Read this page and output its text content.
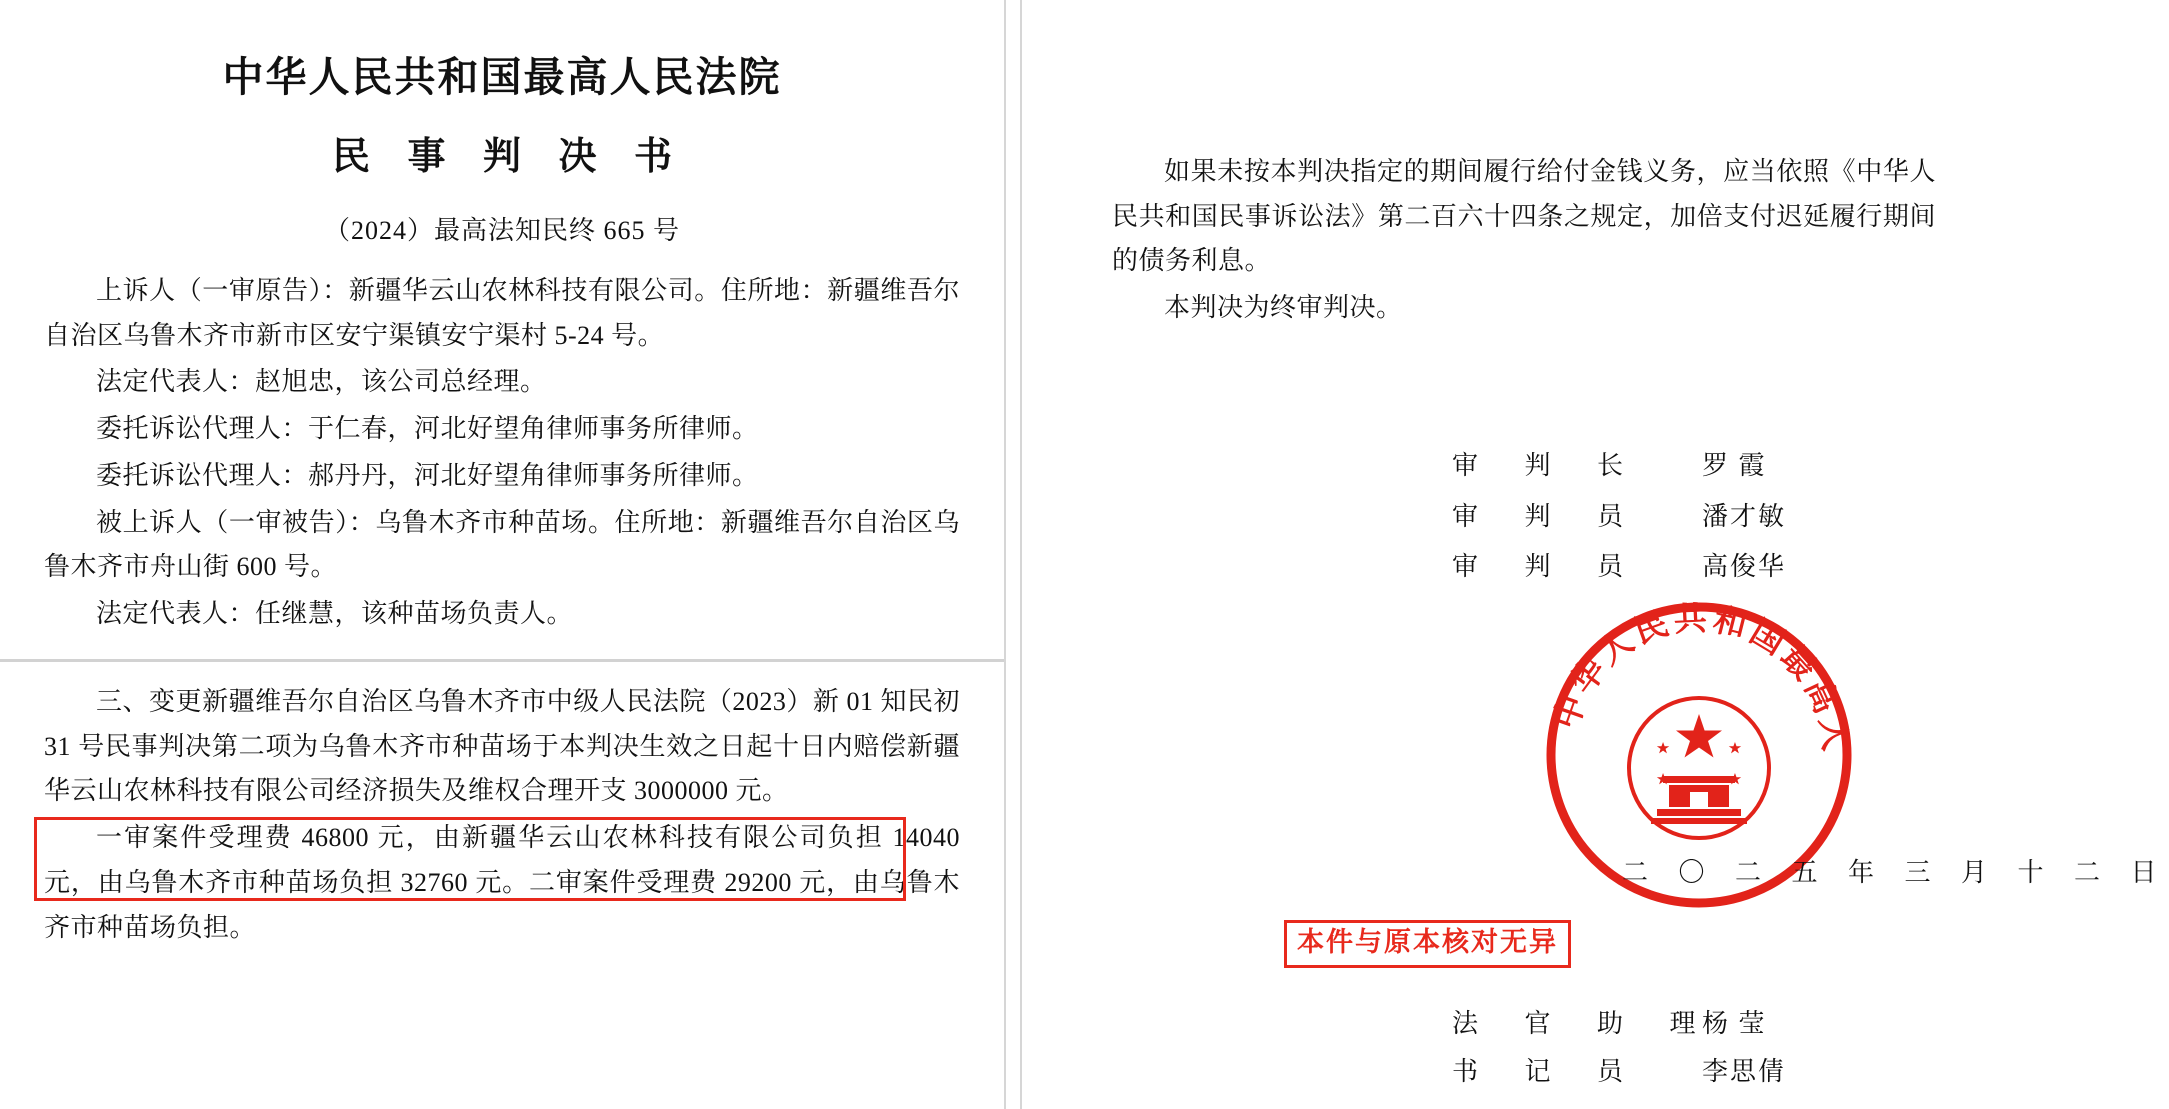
中华人民共和国最高人民法院
民 事 判 决 书
（2024）最高法知民终 665 号

上诉人（一审原告）：新疆华云山农林科技有限公司。住所地：新疆维吾尔自治区乌鲁木齐市新市区安宁渠镇安宁渠村 5-24 号。

法定代表人：赵旭忠，该公司总经理。

委托诉讼代理人：于仁春，河北好望角律师事务所律师。

委托诉讼代理人：郝丹丹，河北好望角律师事务所律师。

被上诉人（一审被告）：乌鲁木齐市种苗场。住所地：新疆维吾尔自治区乌鲁木齐市舟山街 600 号。

法定代表人：任继慧，该种苗场负责人。

三、变更新疆维吾尔自治区乌鲁木齐市中级人民法院（2023）新 01 知民初 31 号民事判决第二项为乌鲁木齐市种苗场于本判决生效之日起十日内赔偿新疆华云山农林科技有限公司经济损失及维权合理开支 3000000 元。

一审案件受理费 46800 元，由新疆华云山农林科技有限公司负担 14040 元，由乌鲁木齐市种苗场负担 32760 元。二审案件受理费 29200 元，由乌鲁木齐市种苗场负担。

如果未按本判决指定的期间履行给付金钱义务，应当依照《中华人民共和国民事诉讼法》第二百六十四条之规定，加倍支付迟延履行期间的债务利息。

本判决为终审判决。

审 判 长 罗 霞
审 判 员 潘才敏
审 判 员 高俊华
中华人民共和国最高人
二 〇 二 五 年 三 月 十 二 日
本件与原本核对无异
法 官 助 理杨 莹
书 记 员 李思倩
